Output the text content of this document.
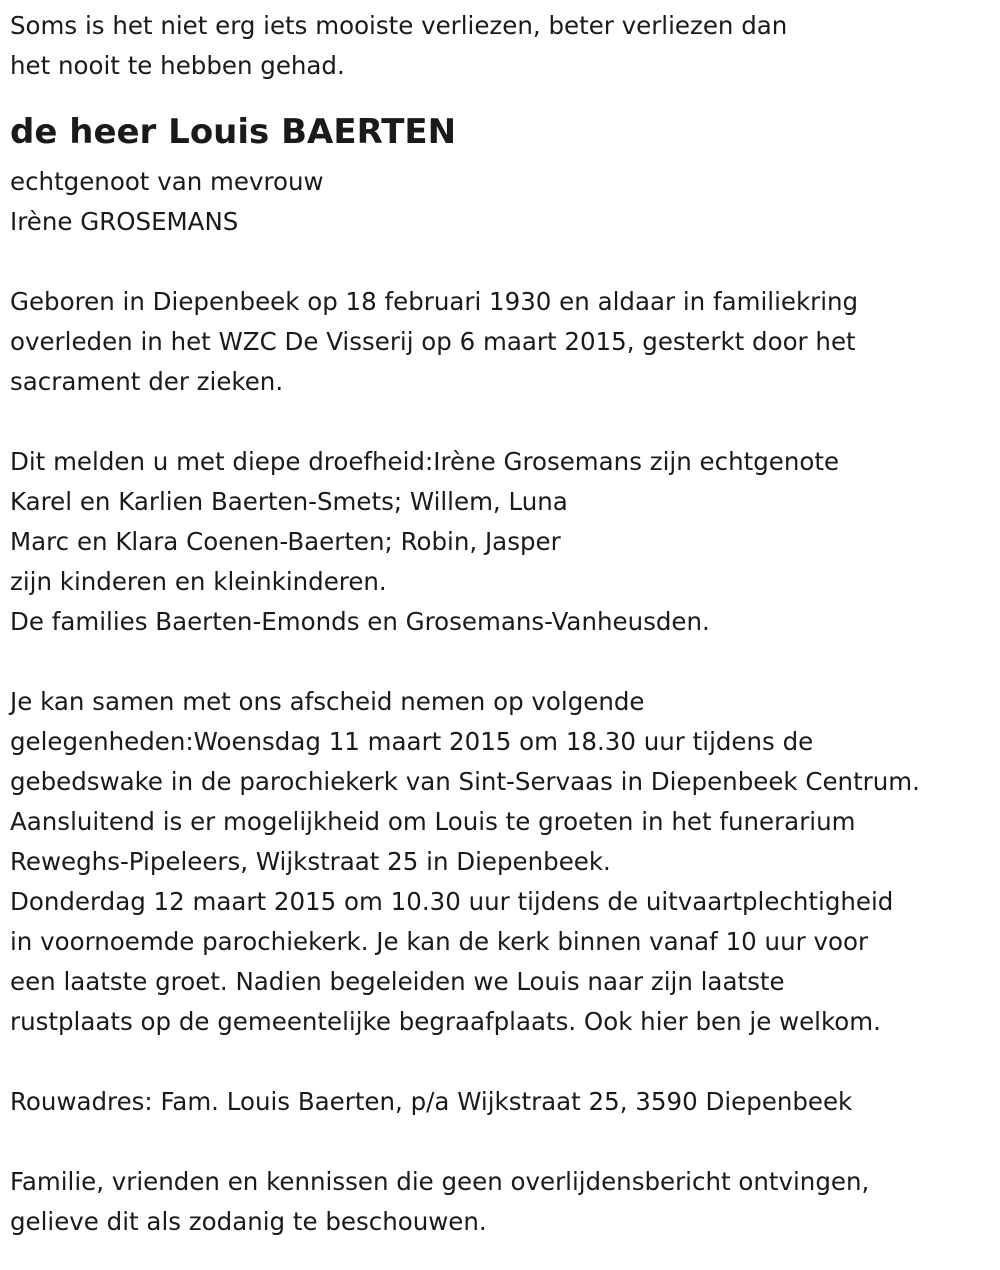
Soms is het niet erg iets mooiste verliezen, beter verliezen dan
het nooit te hebben gehad.
de heer Louis BAERTEN
echtgenoot van mevrouw
Irène GROSEMANS
Geboren in Diepenbeek op 18 februari 1930 en aldaar in familiekring
overleden in het WZC De Visserij op 6 maart 2015, gesterkt door het
sacrament der zieken.
Dit melden u met diepe droefheid:Irène Grosemans zijn echtgenote
Karel en Karlien Baerten-Smets; Willem, Luna
Marc en Klara Coenen-Baerten; Robin, Jasper
zijn kinderen en kleinkinderen.
De families Baerten-Emonds en Grosemans-Vanheusden.
Je kan samen met ons afscheid nemen op volgende
gelegenheden:Woensdag 11 maart 2015 om 18.30 uur tijdens de
gebedswake in de parochiekerk van Sint-Servaas in Diepenbeek Centrum.
Aansluitend is er mogelijkheid om Louis te groeten in het funerarium
Reweghs-Pipeleers, Wijkstraat 25 in Diepenbeek.
Donderdag 12 maart 2015 om 10.30 uur tijdens de uitvaartplechtigheid
in voornoemde parochiekerk. Je kan de kerk binnen vanaf 10 uur voor
een laatste groet. Nadien begeleiden we Louis naar zijn laatste
rustplaats op de gemeentelijke begraafplaats. Ook hier ben je welkom.
Rouwadres: Fam. Louis Baerten, p/a Wijkstraat 25, 3590 Diepenbeek
Familie, vrienden en kennissen die geen overlijdensbericht ontvingen,
gelieve dit als zodanig te beschouwen.
